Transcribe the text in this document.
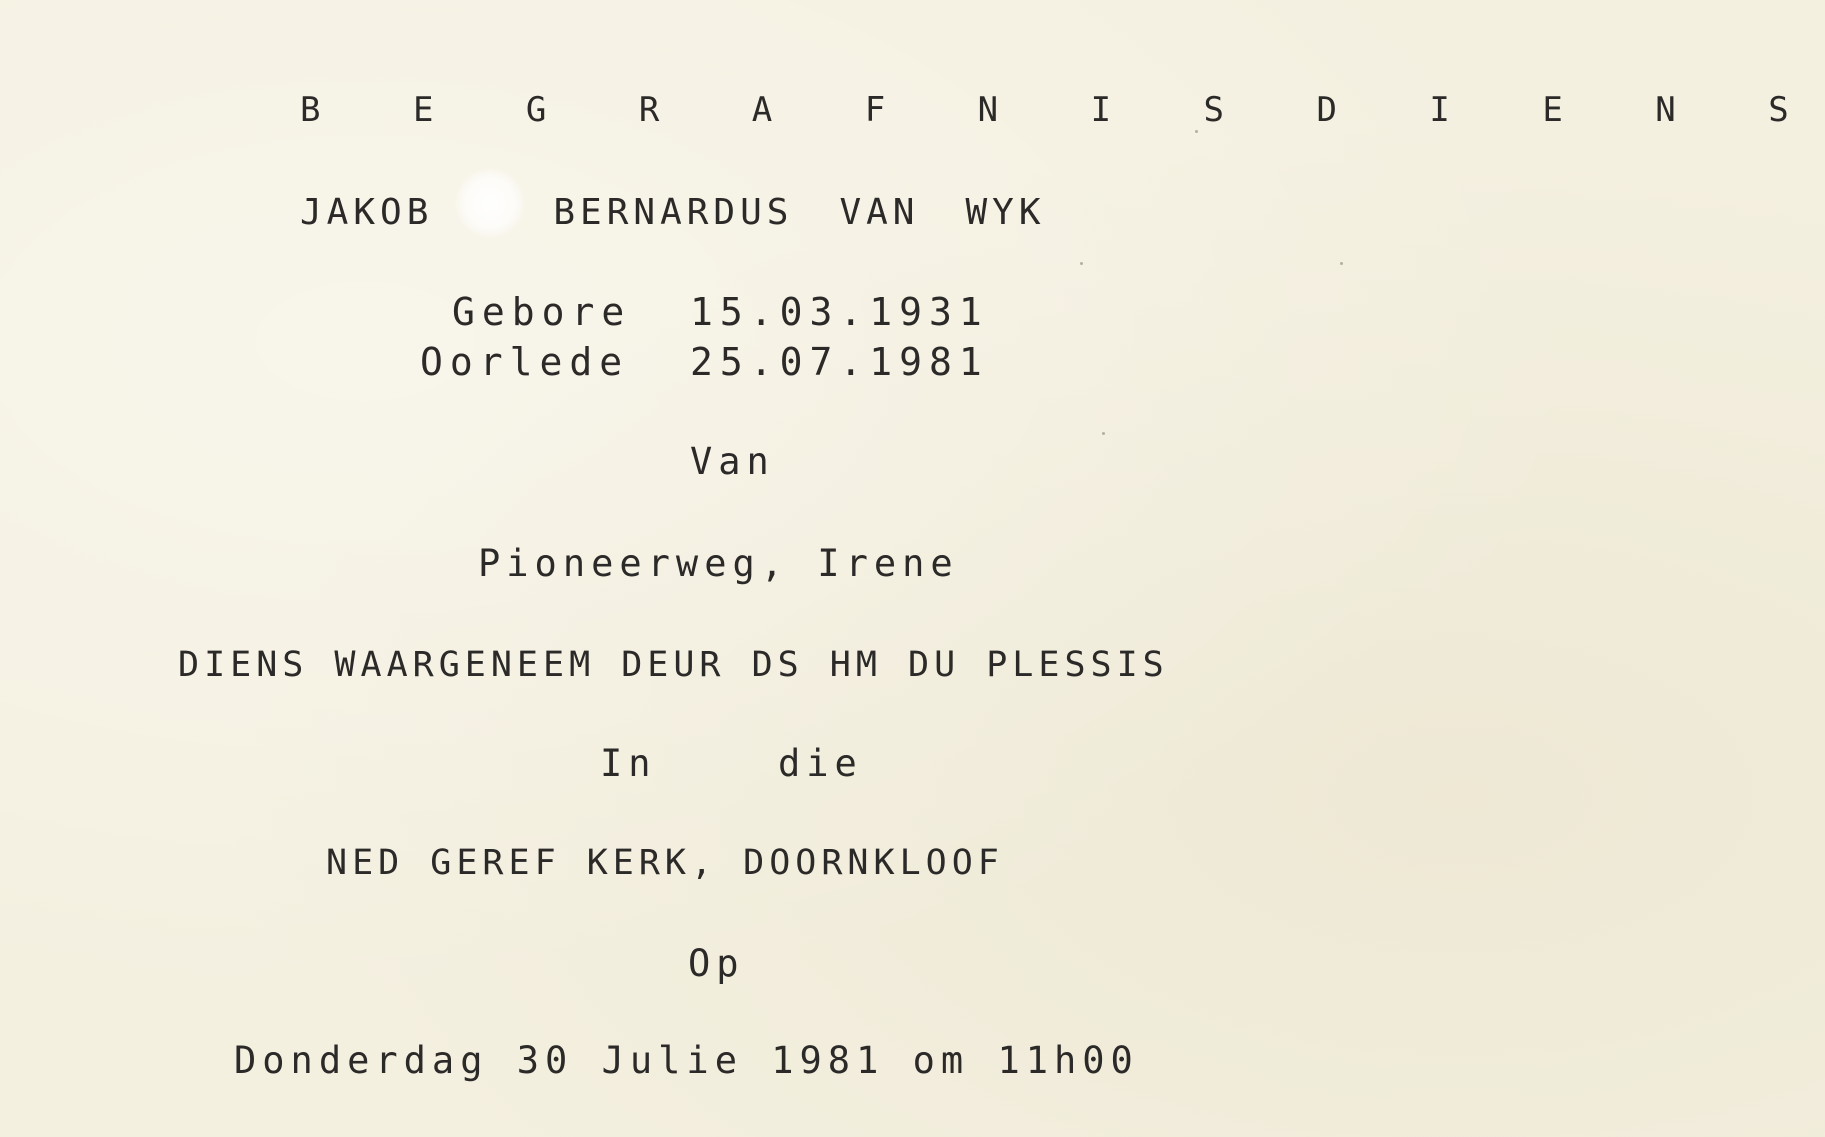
B E G R A F N I S D I E N S
JAKOB	BERNARDUS VAN WYK
Gebore 15.03.1931
Oorlede 25.07.1981
Van
Pioneerweg, Irene
DIENS WAARGENEEM DEUR DS HM DU PLESSIS
In	die
NED GEREF KERK, DOORNKLOOF
Op
Donderdag 30 Julie 1981 om 11h00
